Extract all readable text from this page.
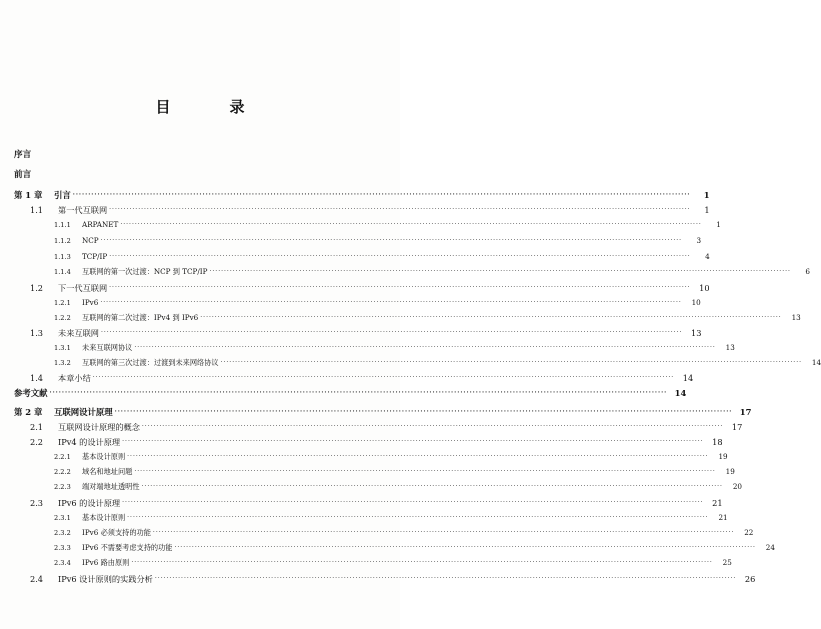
目　录
序言
前言
第 1 章	引言 ········································································································································································································	1
1.1	第一代互联网 ········································································································································································································	1
1.1.1	ARPANET ········································································································································································································	1
1.1.2	NCP ········································································································································································································	3
1.1.3	TCP/IP ········································································································································································································	4
1.1.4	互联网的第一次过渡：NCP 到 TCP/IP ········································································································································································································	6
1.2	下一代互联网 ········································································································································································································	10
1.2.1	IPv6 ········································································································································································································	10
1.2.2	互联网的第二次过渡：IPv4 到 IPv6 ········································································································································································································	13
1.3	未来互联网 ········································································································································································································	13
1.3.1	未来互联网协议 ········································································································································································································	13
1.3.2	互联网的第三次过渡：过渡到未来网络协议 ········································································································································································································	14
1.4	本章小结 ········································································································································································································	14
参考文献 ········································································································································································································ 14
第 2 章	互联网设计原理 ········································································································································································································ 17
2.1	互联网设计原理的概念 ········································································································································································································	17
2.2	IPv4 的设计原理 ········································································································································································································	18
2.2.1	基本设计原则 ········································································································································································································	19
2.2.2	域名和地址问题 ········································································································································································································	19
2.2.3	端对端地址透明性 ········································································································································································································	20
2.3	IPv6 的设计原理 ········································································································································································································	21
2.3.1	基本设计原则 ········································································································································································································	21
2.3.2	IPv6 必须支持的功能 ········································································································································································································	22
2.3.3	IPv6 不需要考虑支持的功能 ········································································································································································································	24
2.3.4	IPv6 路由原则 ········································································································································································································	25
2.4	IPv6 设计原则的实践分析 ········································································································································································································	26
